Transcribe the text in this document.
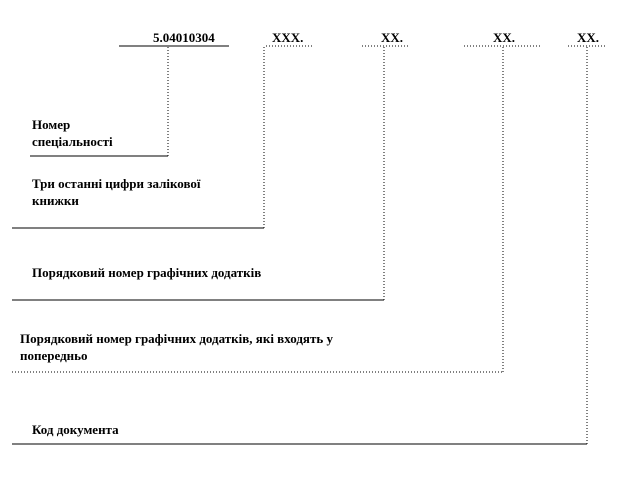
5.04010304	ХХХ.	ХХ.	ХХ.	ХХ.
Номер спеціальності
Три останні цифри залікової книжки
Порядковий номер графічних додатків
Порядковий номер графічних додатків, які входять у попередньо
Код документа
